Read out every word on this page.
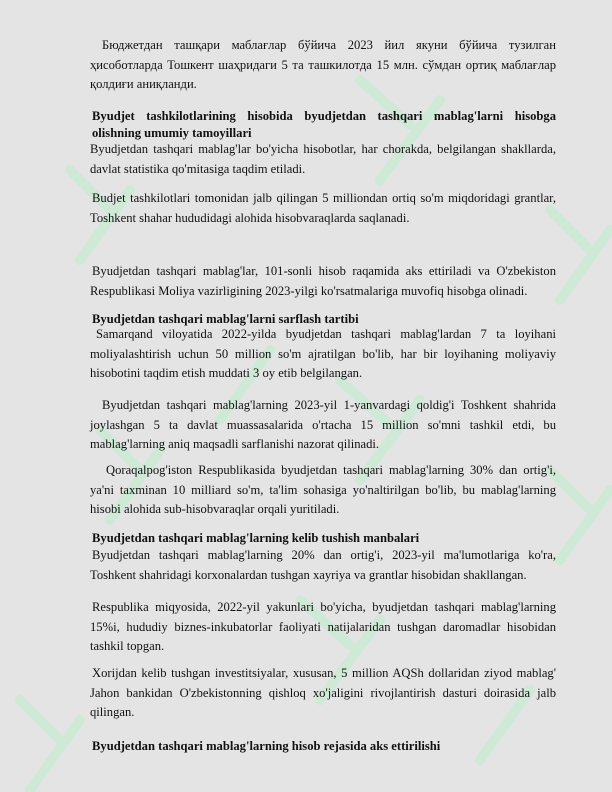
Бюджетдан ташқари маблағлар бўйича 2023 йил якуни бўйича тузилган ҳисоботларда Тошкент шаҳридаги 5 та ташкилотда 15 млн. сўмдан ортиқ маблағлар қолдиғи аниқланди.

Byudjet tashkilotlarining hisobida byudjetdan tashqari mablag'larni hisobga olishning umumiy tamoyillari

Byudjetdan tashqari mablag'lar bo'yicha hisobotlar, har chorakda, belgilangan shakllarda, davlat statistika qo'mitasiga taqdim etiladi.

Budjet tashkilotlari tomonidan jalb qilingan 5 milliondan ortiq so'm miqdoridagi grantlar, Toshkent shahar hududidagi alohida hisobvaraqlarda saqlanadi.

Byudjetdan tashqari mablag'lar, 101-sonli hisob raqamida aks ettiriladi va O'zbekiston Respublikasi Moliya vazirligining 2023-yilgi ko'rsatmalariga muvofiq hisobga olinadi.

Byudjetdan tashqari mablag'larni sarflash tartibi

Samarqand viloyatida 2022-yilda byudjetdan tashqari mablag'lardan 7 ta loyihani moliyalashtirish uchun 50 million so'm ajratilgan bo'lib, har bir loyihaning moliyaviy hisobotini taqdim etish muddati 3 oy etib belgilangan.

Byudjetdan tashqari mablag'larning 2023-yil 1-yanvardagi qoldig'i Toshkent shahrida joylashgan 5 ta davlat muassasalarida o'rtacha 15 million so'mni tashkil etdi, bu mablag'larning aniq maqsadli sarflanishi nazorat qilinadi.

Qoraqalpog'iston Respublikasida byudjetdan tashqari mablag'larning 30% dan ortig'i, ya'ni taxminan 10 milliard so'm, ta'lim sohasiga yo'naltirilgan bo'lib, bu mablag'larning hisobi alohida sub-hisobvaraqlar orqali yuritiladi.

Byudjetdan tashqari mablag'larning kelib tushish manbalari

Byudjetdan tashqari mablag'larning 20% dan ortig'i, 2023-yil ma'lumotlariga ko'ra, Toshkent shahridagi korxonalardan tushgan xayriya va grantlar hisobidan shakllangan.

Respublika miqyosida, 2022-yil yakunlari bo'yicha, byudjetdan tashqari mablag'larning 15%i, hududiy biznes-inkubatorlar faoliyati natijalaridan tushgan daromadlar hisobidan tashkil topgan.

Xorijdan kelib tushgan investitsiyalar, xususan, 5 million AQSh dollaridan ziyod mablag' Jahon bankidan O'zbekistonning qishloq xo'jaligini rivojlantirish dasturi doirasida jalb qilingan.

Byudjetdan tashqari mablag'larning hisob rejasida aks ettirilishi
